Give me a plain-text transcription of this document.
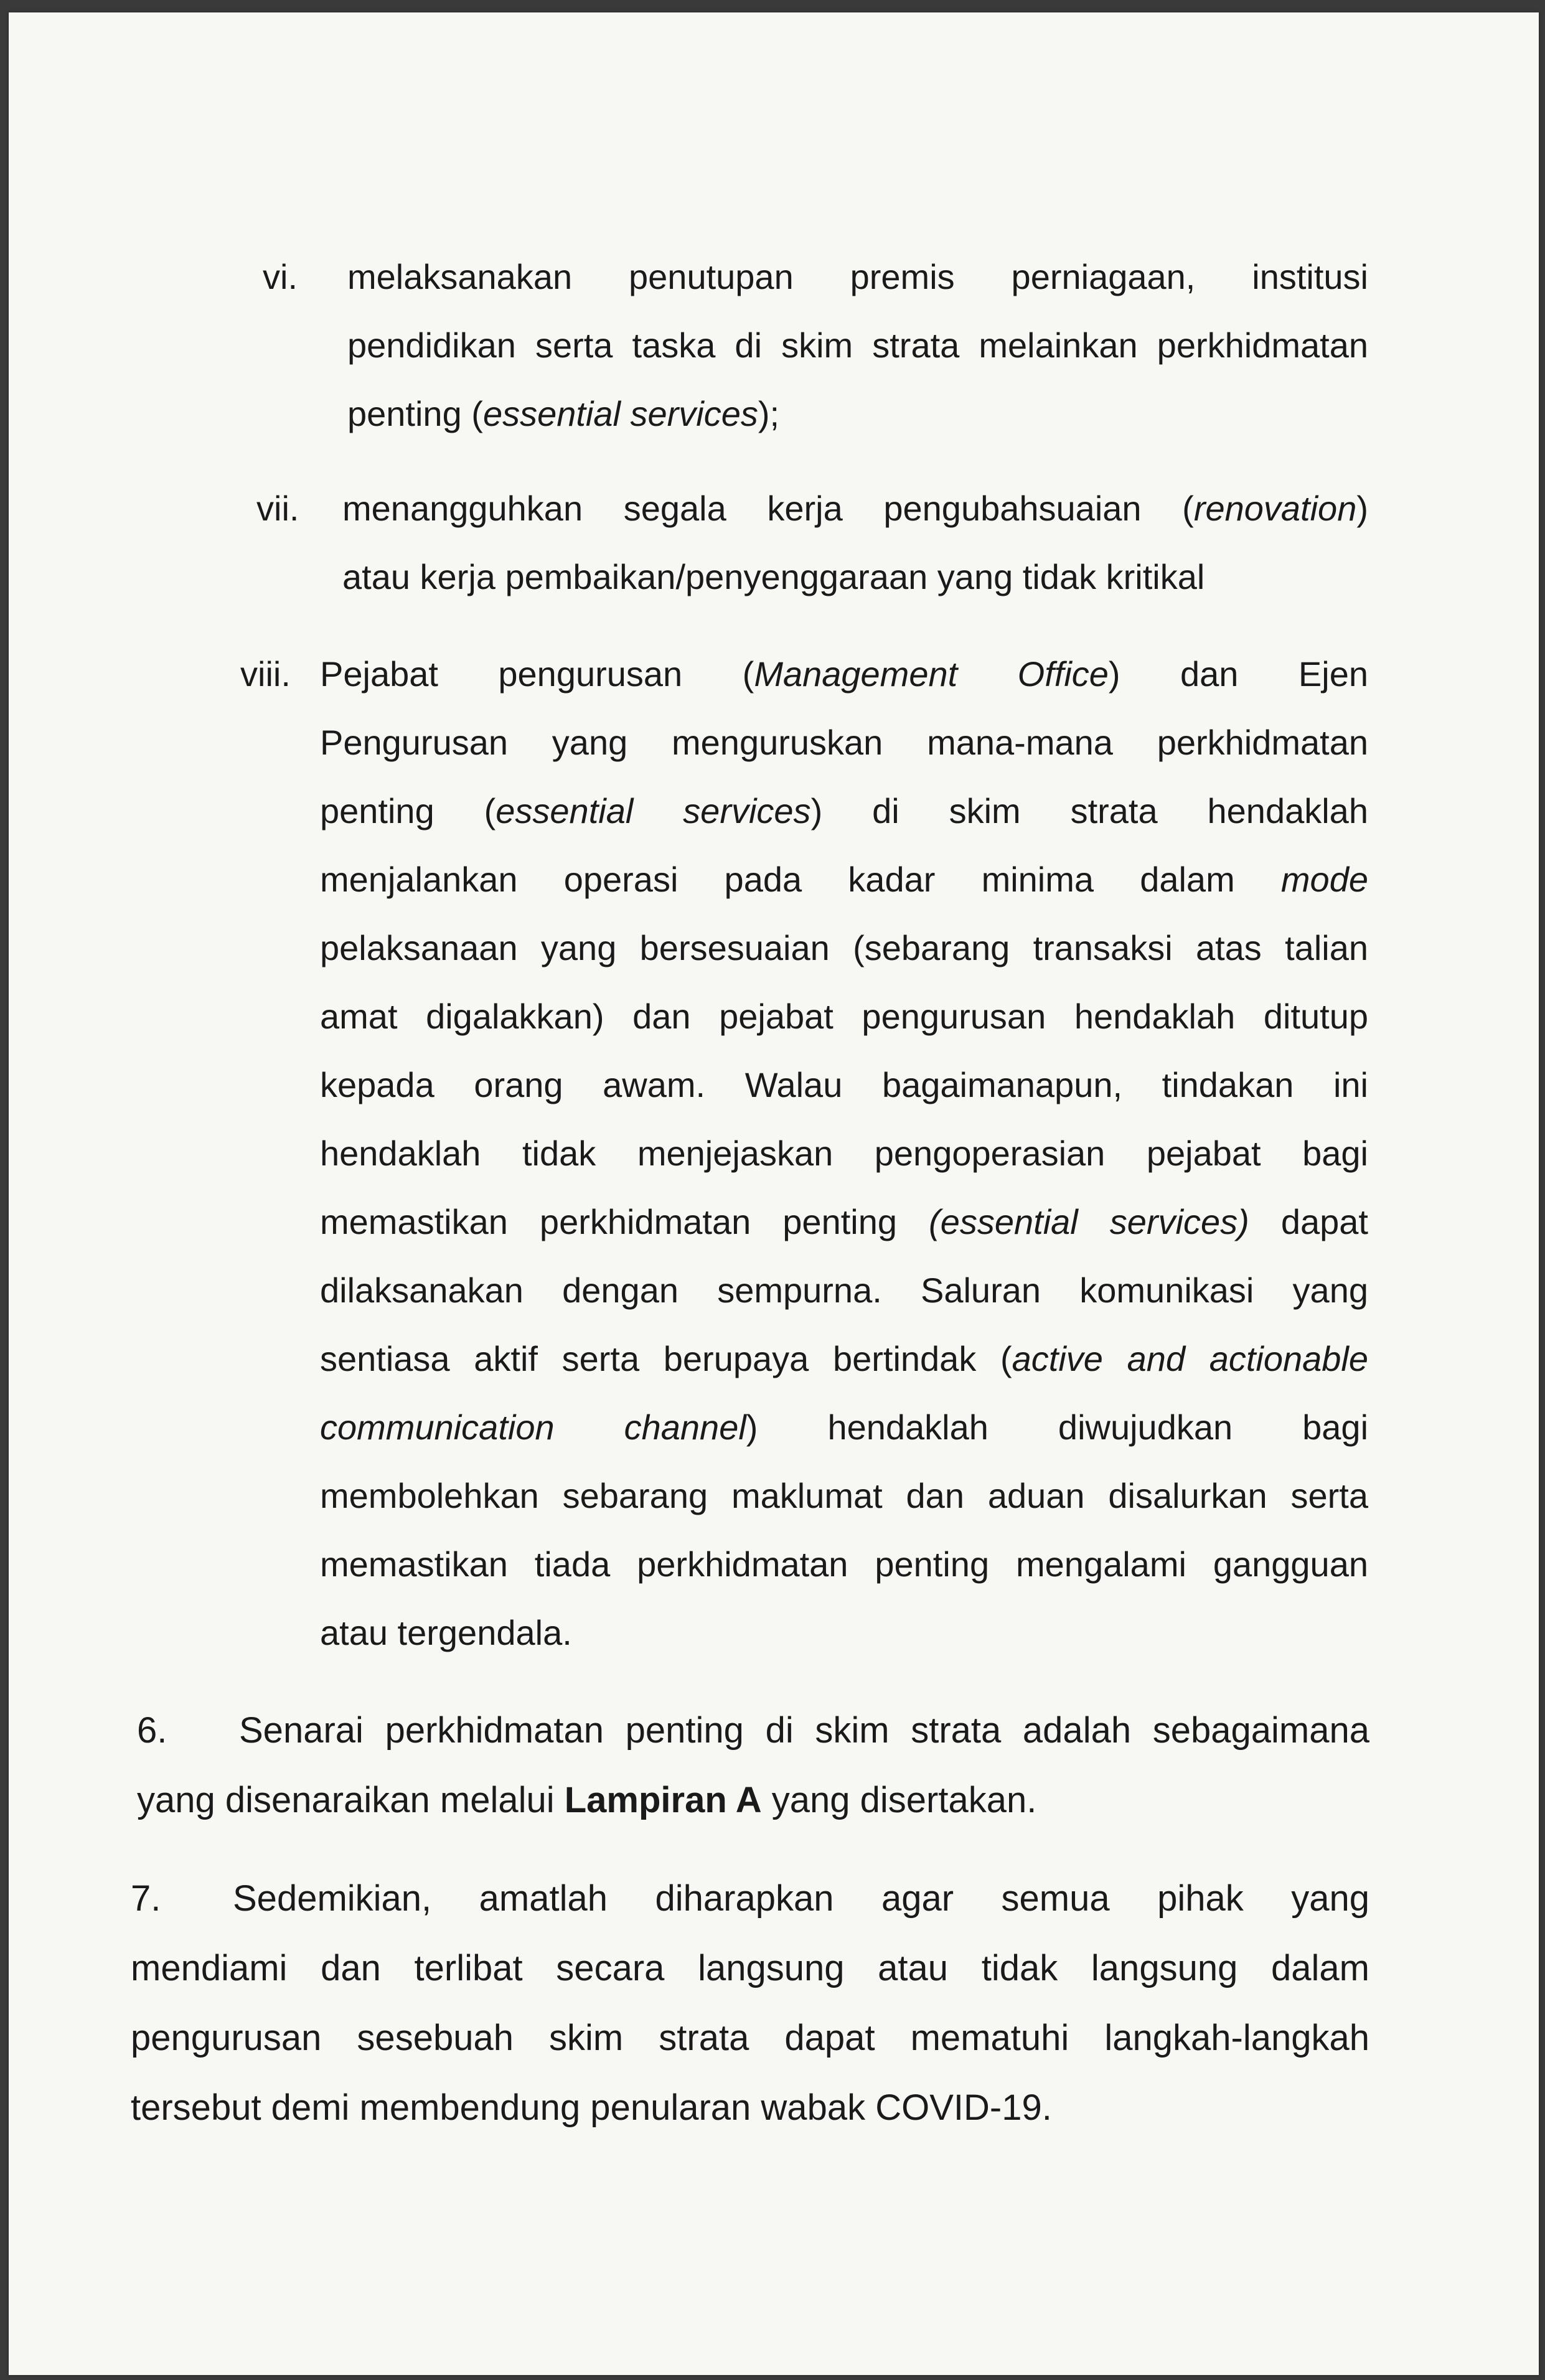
vi. melaksanakan penutupan premis perniagaan, institusi
pendidikan serta taska di skim strata melainkan perkhidmatan
penting (essential services);
vii. menangguhkan segala kerja pengubahsuaian (renovation)
atau kerja pembaikan/penyenggaraan yang tidak kritikal
viii. Pejabat pengurusan (Management Office) dan Ejen
Pengurusan yang menguruskan mana-mana perkhidmatan
penting (essential services) di skim strata hendaklah
menjalankan operasi pada kadar minima dalam mode
pelaksanaan yang bersesuaian (sebarang transaksi atas talian
amat digalakkan) dan pejabat pengurusan hendaklah ditutup
kepada orang awam. Walau bagaimanapun, tindakan ini
hendaklah tidak menjejaskan pengoperasian pejabat bagi
memastikan perkhidmatan penting (essential services) dapat
dilaksanakan dengan sempurna. Saluran komunikasi yang
sentiasa aktif serta berupaya bertindak (active and actionable
communication channel) hendaklah diwujudkan bagi
membolehkan sebarang maklumat dan aduan disalurkan serta
memastikan tiada perkhidmatan penting mengalami gangguan
atau tergendala.
6. Senarai perkhidmatan penting di skim strata adalah sebagaimana
yang disenaraikan melalui Lampiran A yang disertakan.
7. Sedemikian, amatlah diharapkan agar semua pihak yang
mendiami dan terlibat secara langsung atau tidak langsung dalam
pengurusan sesebuah skim strata dapat mematuhi langkah-langkah
tersebut demi membendung penularan wabak COVID-19.
